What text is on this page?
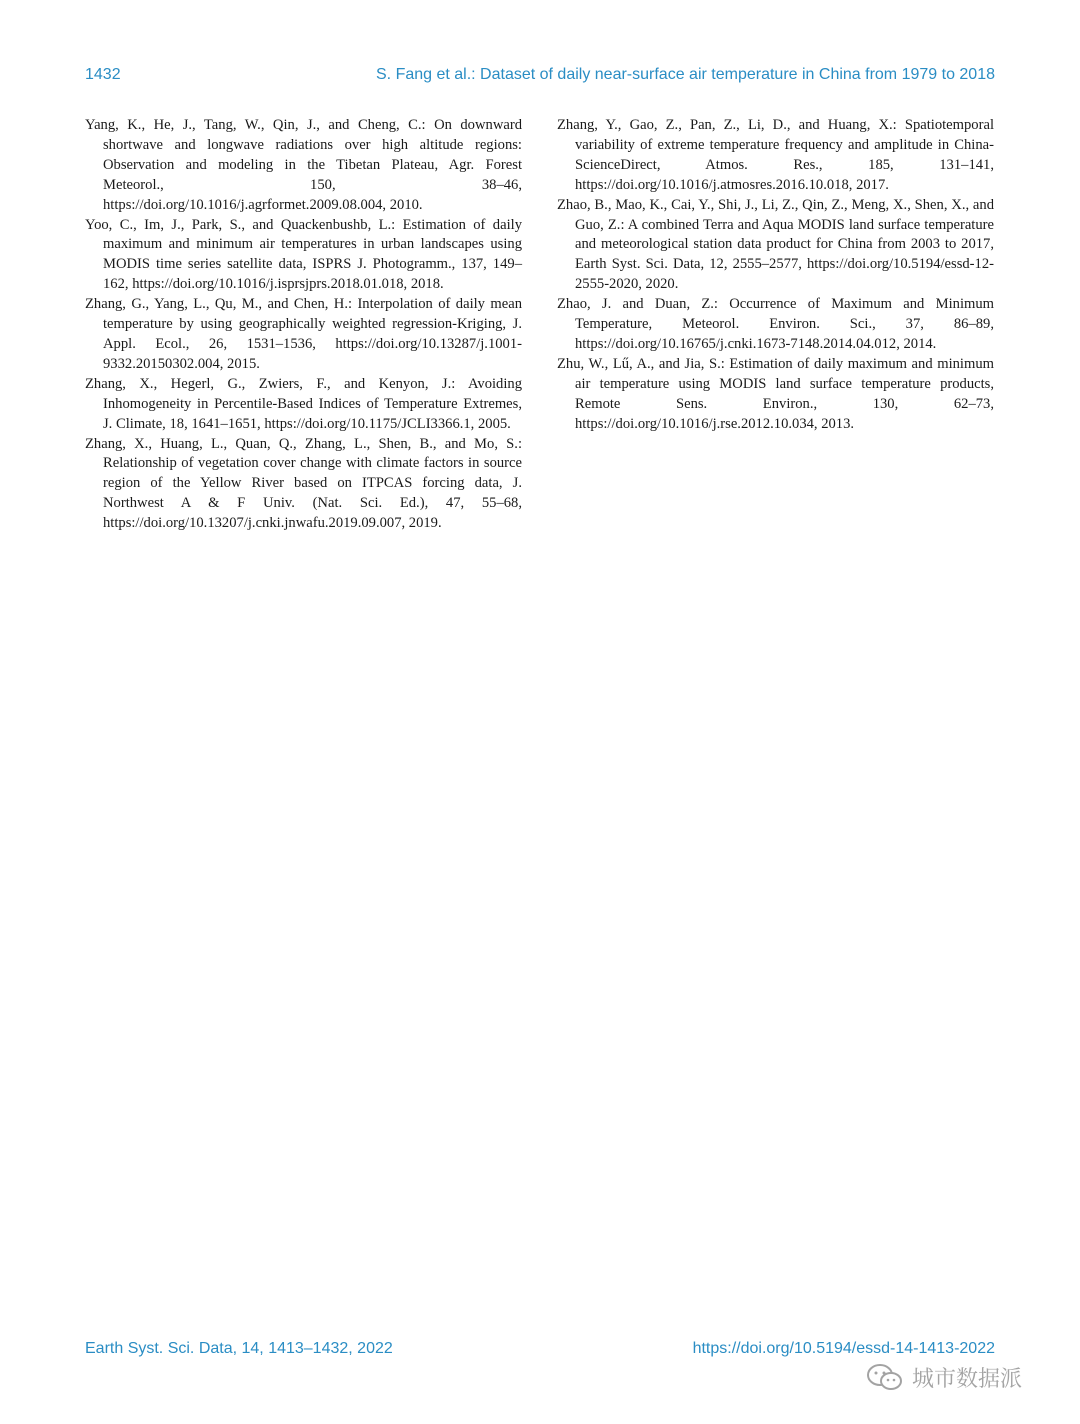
1432	S. Fang et al.: Dataset of daily near-surface air temperature in China from 1979 to 2018

Yang, K., He, J., Tang, W., Qin, J., and Cheng, C.: On downward shortwave and longwave radiations over high altitude regions: Observation and modeling in the Tibetan Plateau, Agr. Forest Meteorol., 150, 38–46, https://doi.org/10.1016/j.agrformet.2009.08.004, 2010.

Yoo, C., Im, J., Park, S., and Quackenbushb, L.: Estimation of daily maximum and minimum air temperatures in urban landscapes using MODIS time series satellite data, ISPRS J. Photogramm., 137, 149–162, https://doi.org/10.1016/j.isprsjprs.2018.01.018, 2018.

Zhang, G., Yang, L., Qu, M., and Chen, H.: Interpolation of daily mean temperature by using geographically weighted regression-Kriging, J. Appl. Ecol., 26, 1531–1536, https://doi.org/10.13287/j.1001-9332.20150302.004, 2015.

Zhang, X., Hegerl, G., Zwiers, F., and Kenyon, J.: Avoiding Inhomogeneity in Percentile-Based Indices of Temperature Extremes, J. Climate, 18, 1641–1651, https://doi.org/10.1175/JCLI3366.1, 2005.

Zhang, X., Huang, L., Quan, Q., Zhang, L., Shen, B., and Mo, S.: Relationship of vegetation cover change with climate factors in source region of the Yellow River based on ITPCAS forcing data, J. Northwest A & F Univ. (Nat. Sci. Ed.), 47, 55–68, https://doi.org/10.13207/j.cnki.jnwafu.2019.09.007, 2019.

Zhang, Y., Gao, Z., Pan, Z., Li, D., and Huang, X.: Spatiotemporal variability of extreme temperature frequency and amplitude in China-ScienceDirect, Atmos. Res., 185, 131–141, https://doi.org/10.1016/j.atmosres.2016.10.018, 2017.

Zhao, B., Mao, K., Cai, Y., Shi, J., Li, Z., Qin, Z., Meng, X., Shen, X., and Guo, Z.: A combined Terra and Aqua MODIS land surface temperature and meteorological station data product for China from 2003 to 2017, Earth Syst. Sci. Data, 12, 2555–2577, https://doi.org/10.5194/essd-12-2555-2020, 2020.

Zhao, J. and Duan, Z.: Occurrence of Maximum and Minimum Temperature, Meteorol. Environ. Sci., 37, 86–89, https://doi.org/10.16765/j.cnki.1673-7148.2014.04.012, 2014.

Zhu, W., Lű, A., and Jia, S.: Estimation of daily maximum and minimum air temperature using MODIS land surface temperature products, Remote Sens. Environ., 130, 62–73, https://doi.org/10.1016/j.rse.2012.10.034, 2013.

Earth Syst. Sci. Data, 14, 1413–1432, 2022	https://doi.org/10.5194/essd-14-1413-2022
城市数据派
